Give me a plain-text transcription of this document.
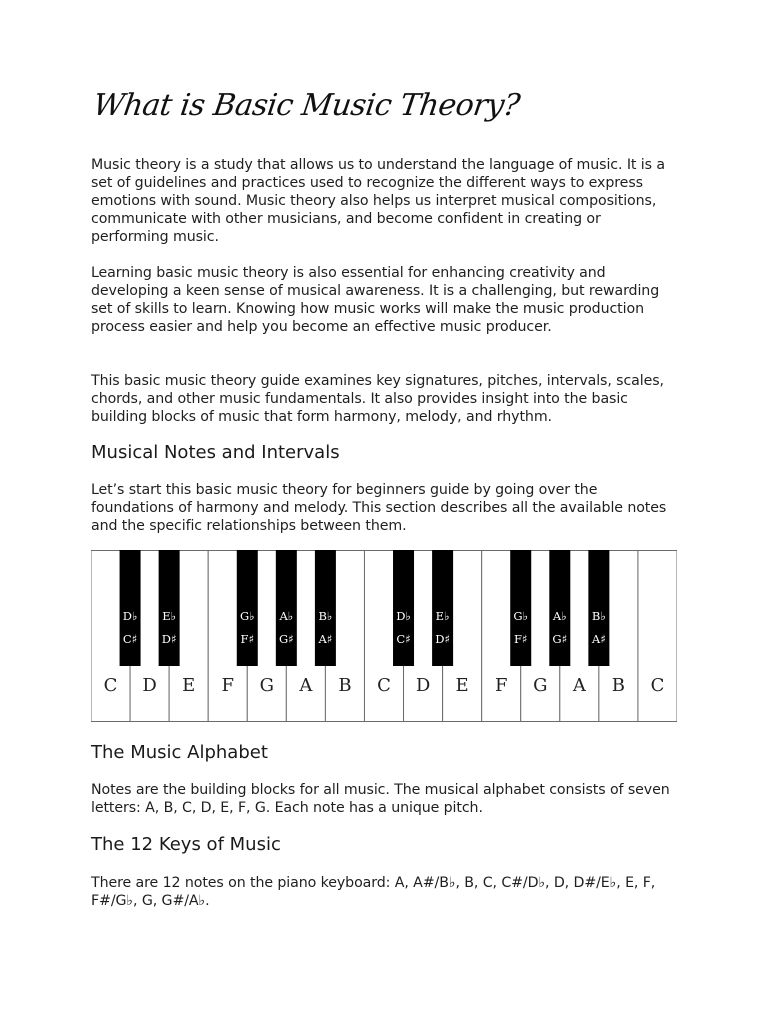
What is Basic Music Theory?

Music theory is a study that allows us to understand the language of music. It is a set of guidelines and practices used to recognize the different ways to express emotions with sound. Music theory also helps us interpret musical compositions, communicate with other musicians, and become confident in creating or performing music.

Learning basic music theory is also essential for enhancing creativity and developing a keen sense of musical awareness. It is a challenging, but rewarding set of skills to learn. Knowing how music works will make the music production process easier and help you become an effective music producer.

This basic music theory guide examines key signatures, pitches, intervals, scales, chords, and other music fundamentals. It also provides insight into the basic building blocks of music that form harmony, melody, and rhythm.

Musical Notes and Intervals

Let’s start this basic music theory for beginners guide by going over the foundations of harmony and melody. This section describes all the available notes and the specific relationships between them.

C D E F G A B C D E F G A B C
D♭
C♯
E♭
D♯
G♭
F♯
A♭
G♯
B♭
A♯
D♭
C♯
E♭
D♯
G♭
F♯
A♭
G♯
B♭
A♯
The Music Alphabet

Notes are the building blocks for all music. The musical alphabet consists of seven letters: A, B, C, D, E, F, G. Each note has a unique pitch.

The 12 Keys of Music

There are 12 notes on the piano keyboard: A, A#/B♭, B, C, C#/D♭, D, D#/E♭, E, F, F#/G♭, G, G#/A♭.
